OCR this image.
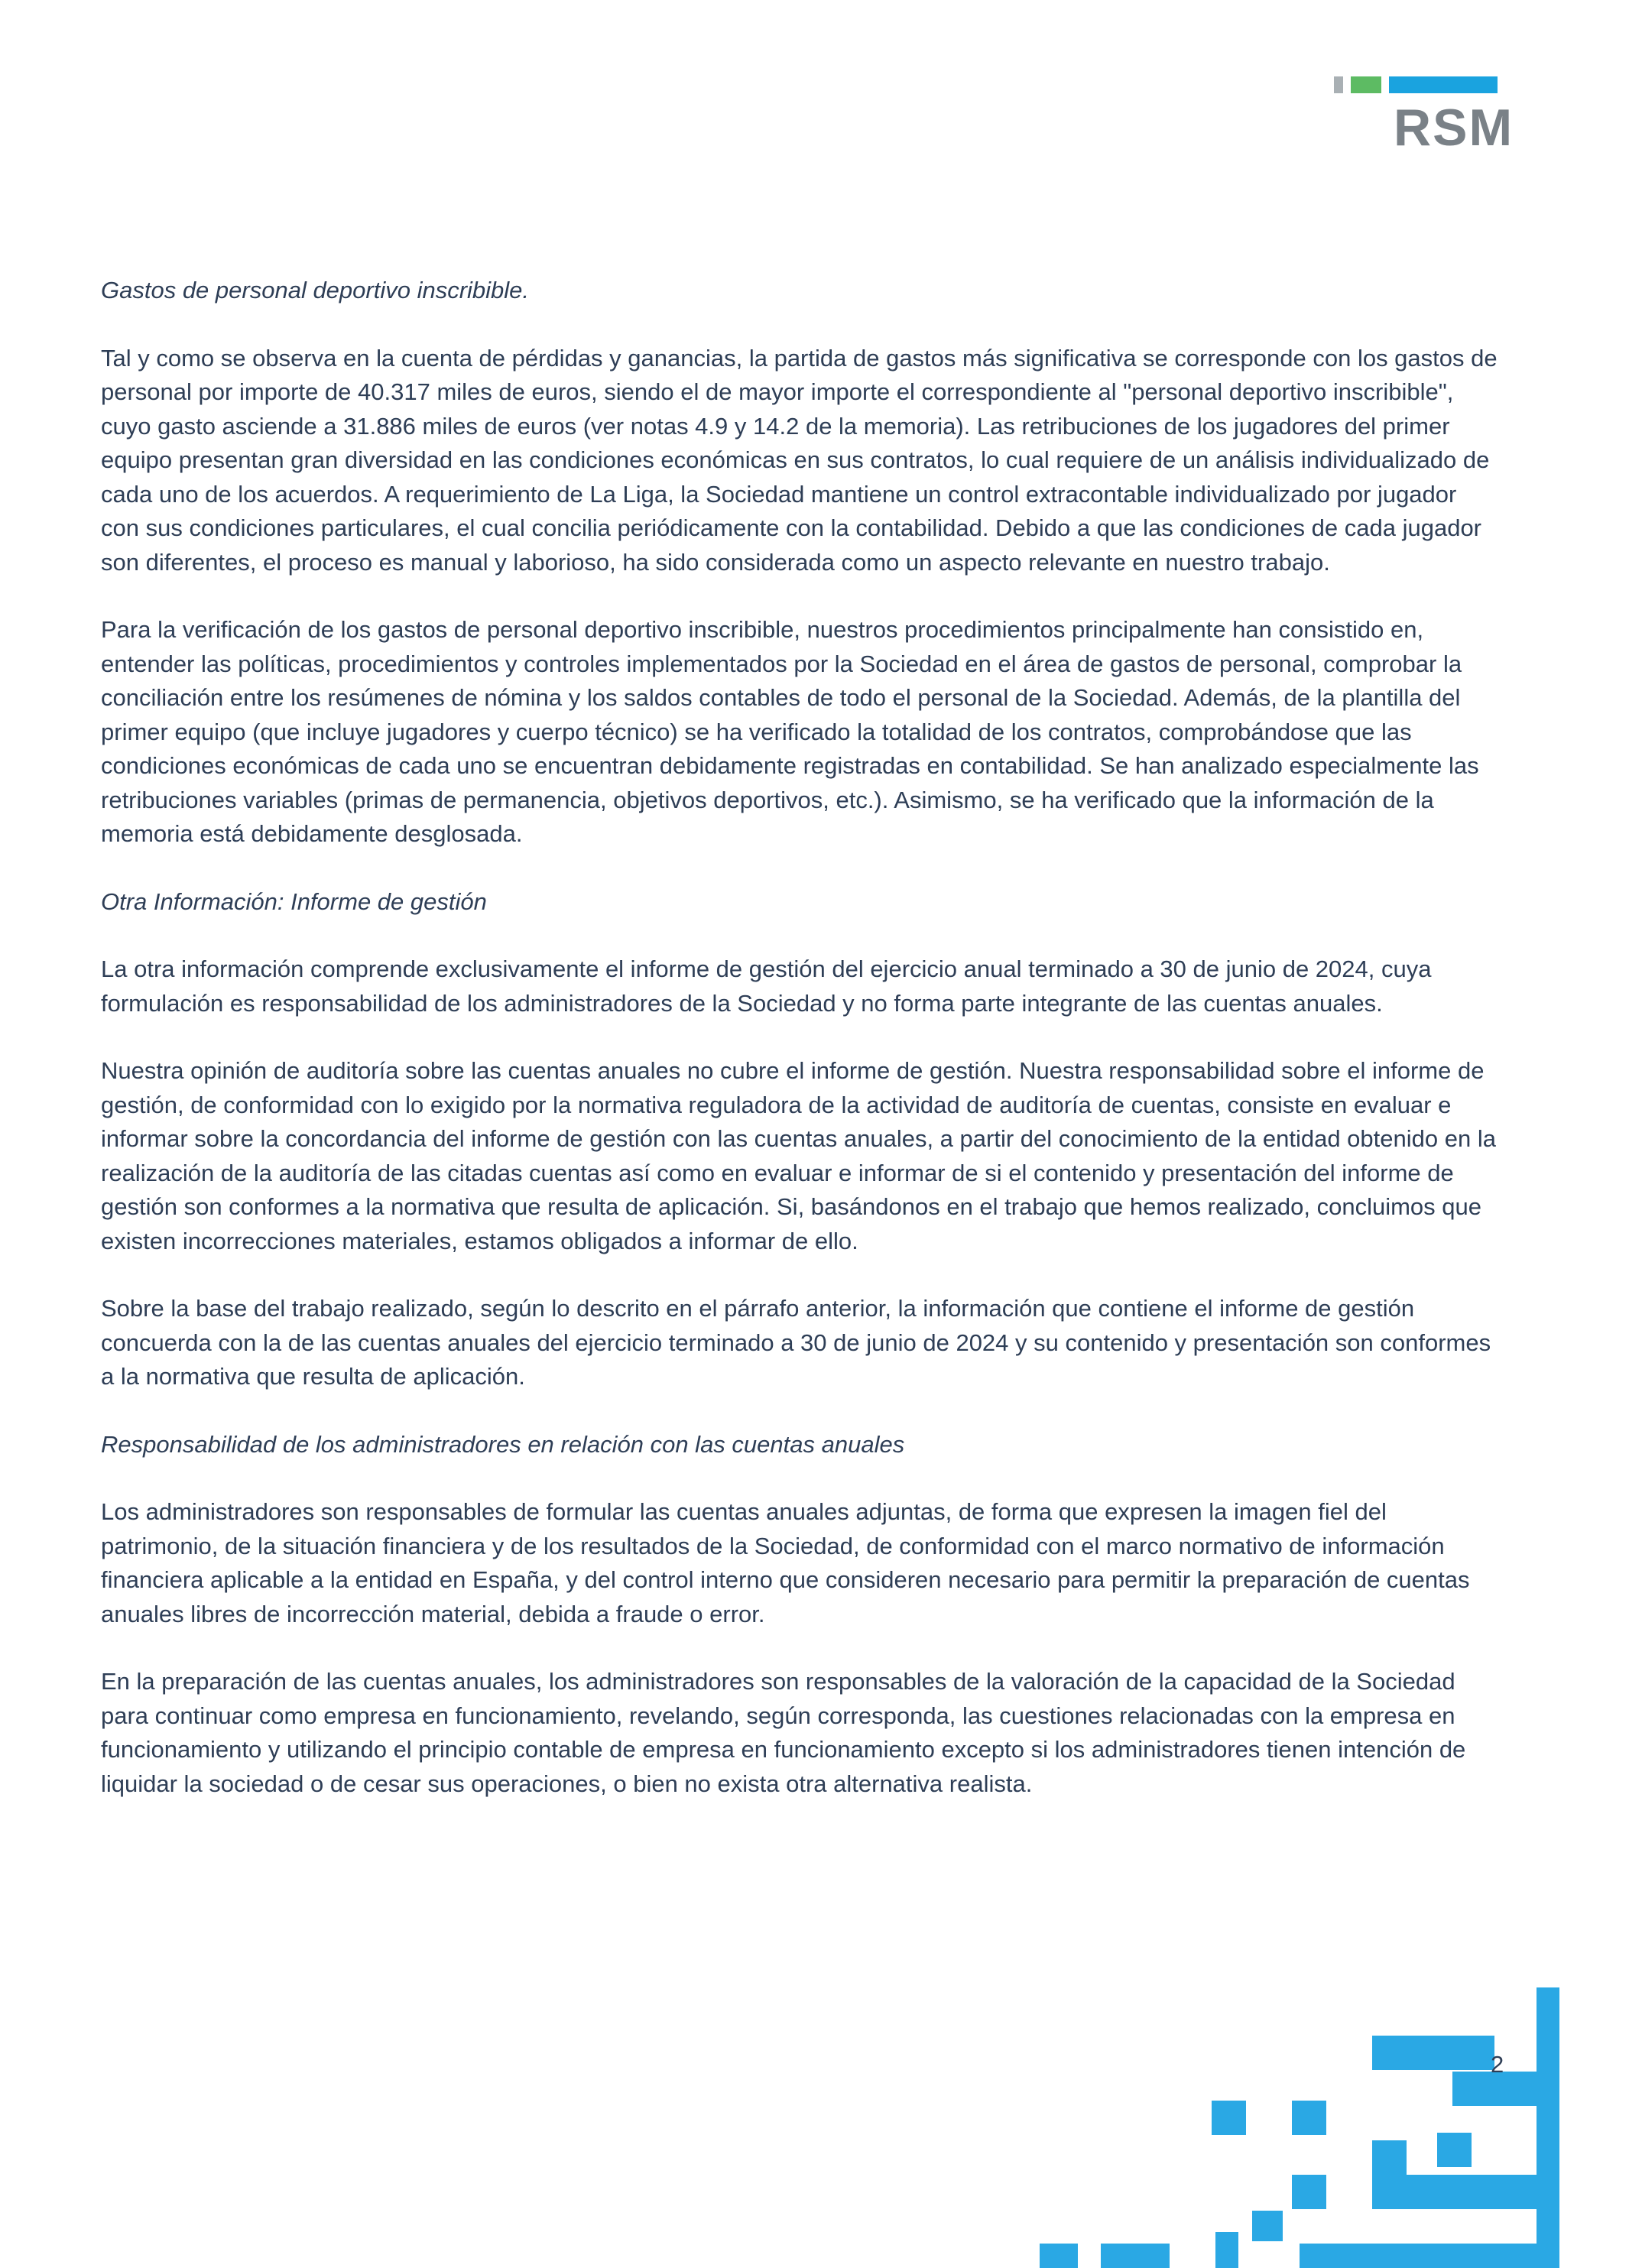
RSM

Gastos de personal deportivo inscribible.

Tal y como se observa en la cuenta de pérdidas y ganancias, la partida de gastos más significativa se corresponde con los gastos de personal por importe de 40.317 miles de euros, siendo el de mayor importe el correspondiente al "personal deportivo inscribible", cuyo gasto asciende a 31.886 miles de euros (ver notas 4.9 y 14.2 de la memoria). Las retribuciones de los jugadores del primer equipo presentan gran diversidad en las condiciones económicas en sus contratos, lo cual requiere de un análisis individualizado de cada uno de los acuerdos. A requerimiento de La Liga, la Sociedad mantiene un control extracontable individualizado por jugador con sus condiciones particulares, el cual concilia periódicamente con la contabilidad. Debido a que las condiciones de cada jugador son diferentes, el proceso es manual y laborioso, ha sido considerada como un aspecto relevante en nuestro trabajo.

Para la verificación de los gastos de personal deportivo inscribible, nuestros procedimientos principalmente han consistido en, entender las políticas, procedimientos y controles implementados por la Sociedad en el área de gastos de personal, comprobar la conciliación entre los resúmenes de nómina y los saldos contables de todo el personal de la Sociedad. Además, de la plantilla del primer equipo (que incluye jugadores y cuerpo técnico) se ha verificado la totalidad de los contratos, comprobándose que las condiciones económicas de cada uno se encuentran debidamente registradas en contabilidad. Se han analizado especialmente las retribuciones variables (primas de permanencia, objetivos deportivos, etc.). Asimismo, se ha verificado que la información de la memoria está debidamente desglosada.

Otra Información: Informe de gestión

La otra información comprende exclusivamente el informe de gestión del ejercicio anual terminado a 30 de junio de 2024, cuya formulación es responsabilidad de los administradores de la Sociedad y no forma parte integrante de las cuentas anuales.

Nuestra opinión de auditoría sobre las cuentas anuales no cubre el informe de gestión. Nuestra responsabilidad sobre el informe de gestión, de conformidad con lo exigido por la normativa reguladora de la actividad de auditoría de cuentas, consiste en evaluar e informar sobre la concordancia del informe de gestión con las cuentas anuales, a partir del conocimiento de la entidad obtenido en la realización de la auditoría de las citadas cuentas así como en evaluar e informar de si el contenido y presentación del informe de gestión son conformes a la normativa que resulta de aplicación. Si, basándonos en el trabajo que hemos realizado, concluimos que existen incorrecciones materiales, estamos obligados a informar de ello.

Sobre la base del trabajo realizado, según lo descrito en el párrafo anterior, la información que contiene el informe de gestión concuerda con la de las cuentas anuales del ejercicio terminado a 30 de junio de 2024 y su contenido y presentación son conformes a la normativa que resulta de aplicación.

Responsabilidad de los administradores en relación con las cuentas anuales

Los administradores son responsables de formular las cuentas anuales adjuntas, de forma que expresen la imagen fiel del patrimonio, de la situación financiera y de los resultados de la Sociedad, de conformidad con el marco normativo de información financiera aplicable a la entidad en España, y del control interno que consideren necesario para permitir la preparación de cuentas anuales libres de incorrección material, debida a fraude o error.

En la preparación de las cuentas anuales, los administradores son responsables de la valoración de la capacidad de la Sociedad para continuar como empresa en funcionamiento, revelando, según corresponda, las cuestiones relacionadas con la empresa en funcionamiento y utilizando el principio contable de empresa en funcionamiento excepto si los administradores tienen intención de liquidar la sociedad o de cesar sus operaciones, o bien no exista otra alternativa realista.

2
